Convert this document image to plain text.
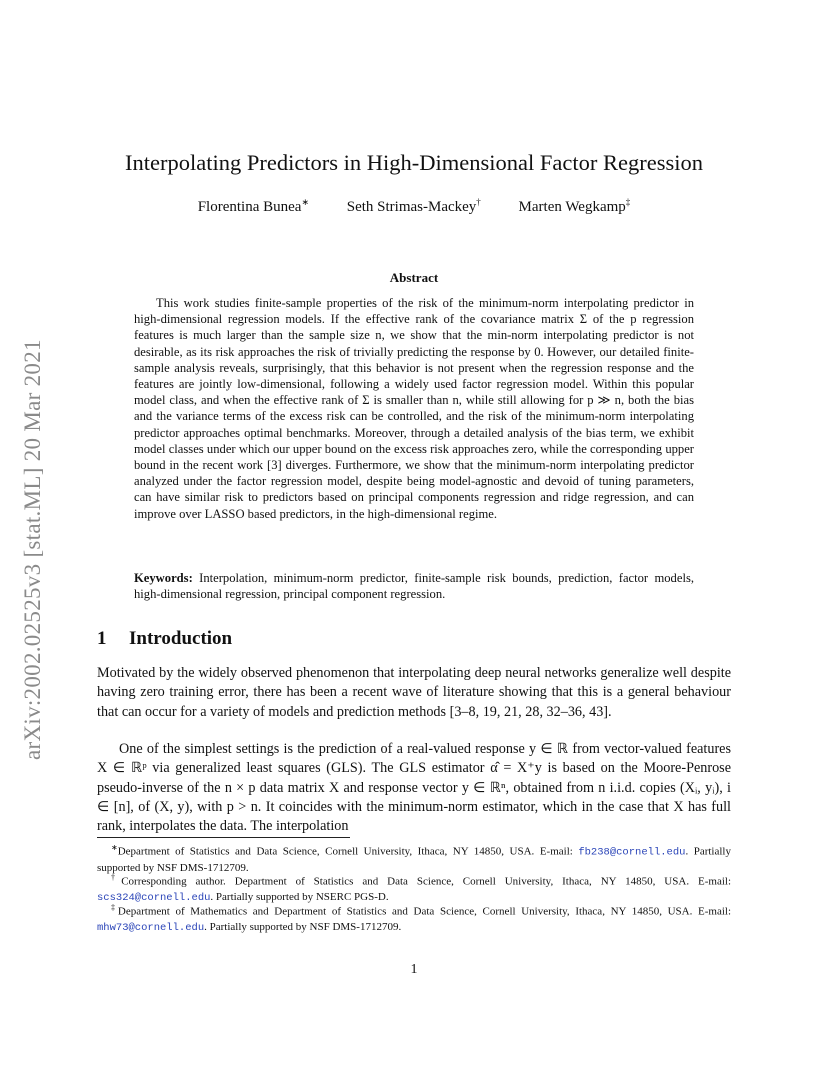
arXiv:2002.02525v3 [stat.ML] 20 Mar 2021
Interpolating Predictors in High-Dimensional Factor Regression
Florentina Bunea∗	Seth Strimas-Mackey†	Marten Wegkamp‡
Abstract

This work studies finite-sample properties of the risk of the minimum-norm interpolating predictor in high-dimensional regression models. If the effective rank of the covariance matrix Σ of the p regression features is much larger than the sample size n, we show that the min-norm interpolating predictor is not desirable, as its risk approaches the risk of trivially predicting the response by 0. However, our detailed finite-sample analysis reveals, surprisingly, that this behavior is not present when the regression response and the features are jointly low-dimensional, following a widely used factor regression model. Within this popular model class, and when the effective rank of Σ is smaller than n, while still allowing for p ≫ n, both the bias and the variance terms of the excess risk can be controlled, and the risk of the minimum-norm interpolating predictor approaches optimal benchmarks. Moreover, through a detailed analysis of the bias term, we exhibit model classes under which our upper bound on the excess risk approaches zero, while the corresponding upper bound in the recent work [3] diverges. Furthermore, we show that the minimum-norm interpolating predictor analyzed under the factor regression model, despite being model-agnostic and devoid of tuning parameters, can have similar risk to predictors based on principal components regression and ridge regression, and can improve over LASSO based predictors, in the high-dimensional regime.

Keywords: Interpolation, minimum-norm predictor, finite-sample risk bounds, prediction, factor models, high-dimensional regression, principal component regression.

1 Introduction

Motivated by the widely observed phenomenon that interpolating deep neural networks generalize well despite having zero training error, there has been a recent wave of literature showing that this is a general behaviour that can occur for a variety of models and prediction methods [3–8, 19, 21, 28, 32–36, 43].

One of the simplest settings is the prediction of a real-valued response y ∈ ℝ from vector-valued features X ∈ ℝᵖ via generalized least squares (GLS). The GLS estimator α̂ = X⁺y is based on the Moore-Penrose pseudo-inverse of the n × p data matrix X and response vector y ∈ ℝⁿ, obtained from n i.i.d. copies (Xᵢ, yᵢ), i ∈ [n], of (X, y), with p > n. It coincides with the minimum-norm estimator, which in the case that X has full rank, interpolates the data. The interpolation

∗Department of Statistics and Data Science, Cornell University, Ithaca, NY 14850, USA. E-mail: fb238@cornell.edu. Partially supported by NSF DMS-1712709.

†Corresponding author. Department of Statistics and Data Science, Cornell University, Ithaca, NY 14850, USA. E-mail: scs324@cornell.edu. Partially supported by NSERC PGS-D.

‡Department of Mathematics and Department of Statistics and Data Science, Cornell University, Ithaca, NY 14850, USA. E-mail: mhw73@cornell.edu. Partially supported by NSF DMS-1712709.

1
